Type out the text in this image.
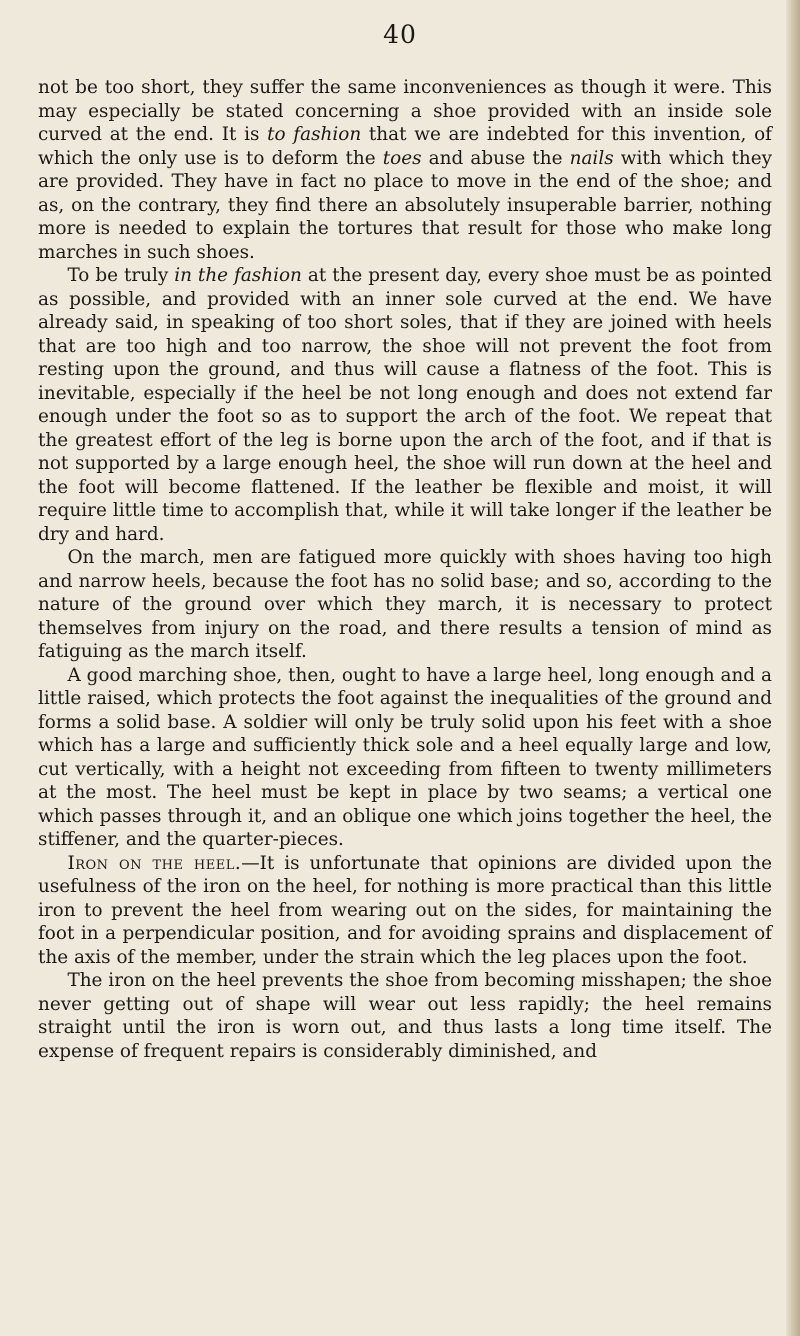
40

not be too short, they suffer the same inconveniences as though it were. This may especially be stated concerning a shoe provided with an inside sole curved at the end. It is to fashion that we are indebted for this invention, of which the only use is to deform the toes and abuse the nails with which they are provided. They have in fact no place to move in the end of the shoe; and as, on the contrary, they find there an absolutely insuperable barrier, nothing more is needed to explain the tortures that result for those who make long marches in such shoes.

To be truly in the fashion at the present day, every shoe must be as pointed as possible, and provided with an inner sole curved at the end. We have already said, in speaking of too short soles, that if they are joined with heels that are too high and too narrow, the shoe will not prevent the foot from resting upon the ground, and thus will cause a flatness of the foot. This is inevitable, especially if the heel be not long enough and does not extend far enough under the foot so as to support the arch of the foot. We repeat that the greatest effort of the leg is borne upon the arch of the foot, and if that is not supported by a large enough heel, the shoe will run down at the heel and the foot will become flattened. If the leather be flexible and moist, it will require little time to accomplish that, while it will take longer if the leather be dry and hard.

On the march, men are fatigued more quickly with shoes having too high and narrow heels, because the foot has no solid base; and so, according to the nature of the ground over which they march, it is necessary to protect themselves from injury on the road, and there results a tension of mind as fatiguing as the march itself.

A good marching shoe, then, ought to have a large heel, long enough and a little raised, which protects the foot against the inequalities of the ground and forms a solid base. A soldier will only be truly solid upon his feet with a shoe which has a large and sufficiently thick sole and a heel equally large and low, cut vertically, with a height not exceeding from fifteen to twenty millimeters at the most. The heel must be kept in place by two seams; a vertical one which passes through it, and an oblique one which joins together the heel, the stiffener, and the quarter-pieces.

Iron on the heel.—It is unfortunate that opinions are divided upon the usefulness of the iron on the heel, for nothing is more practical than this little iron to prevent the heel from wearing out on the sides, for maintaining the foot in a perpendicular position, and for avoiding sprains and displacement of the axis of the member, under the strain which the leg places upon the foot.

The iron on the heel prevents the shoe from becoming misshapen; the shoe never getting out of shape will wear out less rapidly; the heel remains straight until the iron is worn out, and thus lasts a long time itself. The expense of frequent repairs is considerably diminished, and
